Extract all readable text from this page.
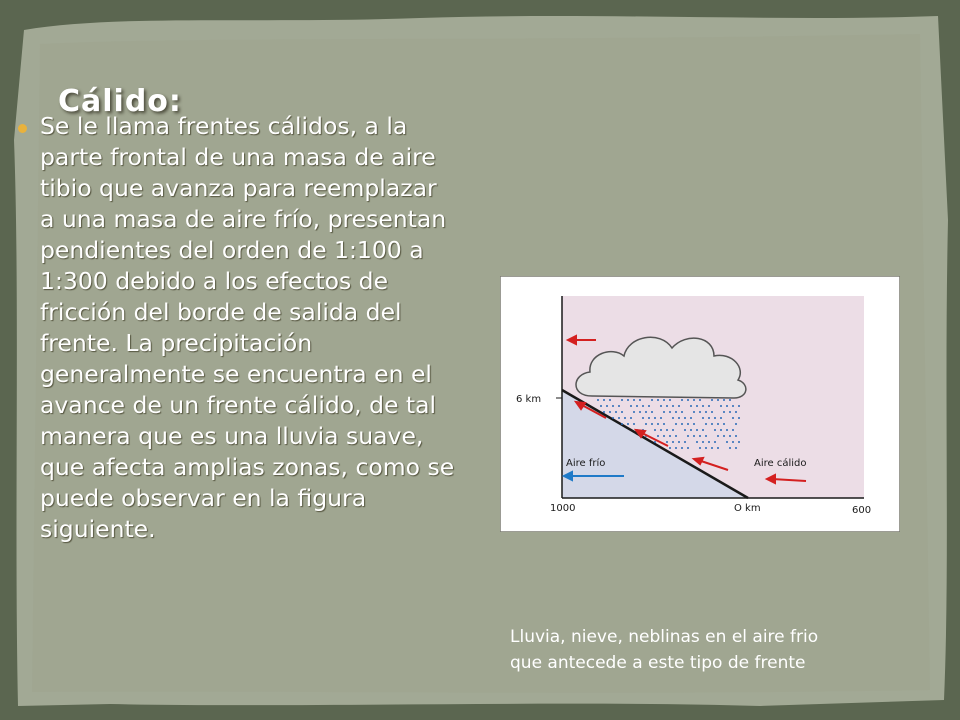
Cálido:
Se le llama frentes cálidos, a la parte frontal de una masa de aire tibio que avanza para reemplazar a una masa de aire frío, presentan pendientes del orden de 1:100 a 1:300 debido a los efectos de fricción del borde de salida del frente. La precipitación generalmente se encuentra en el avance de un frente cálido, de tal manera que es una lluvia suave, que afecta amplias zonas, como se puede observar en la figura siguiente.
6 km
Aire frío	Aire cálido
1000	O km	600
Lluvia, nieve, neblinas en el aire frio
que antecede a este tipo de frente
